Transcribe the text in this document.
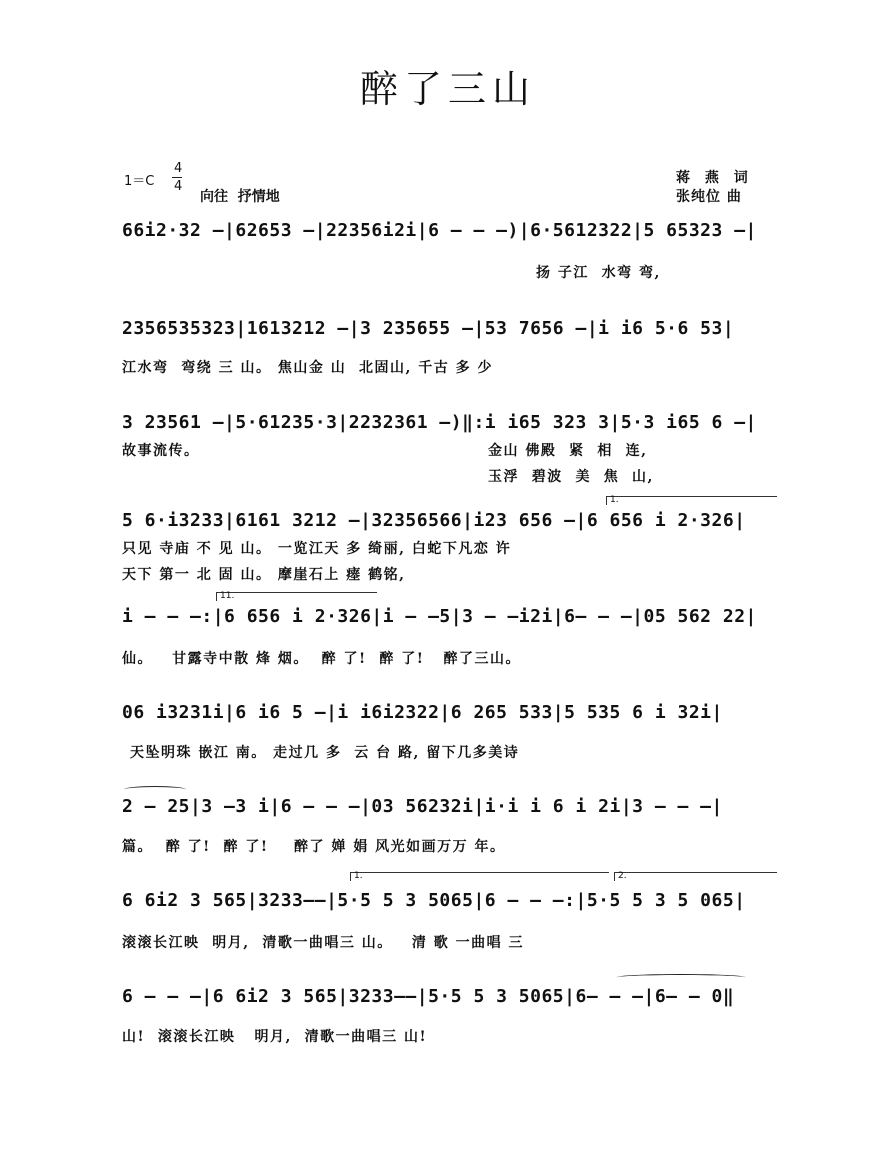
醉了三山
1＝C
4
4
向往  抒情地
蒋 燕 词
张纯位 曲
66i2·32 –|62653 –|22356i2i|6 – – –)|6·5612322|5 65323 –|
扬 子江  水弯 弯,
2356535323|1613212 –|3 235655 –|53 7656 –|i i6 5·6 53|
江水弯  弯绕 三 山。 焦山金 山  北固山, 千古 多 少
3 23561 –|5·61235·3|2232361 –)‖:i i65 323 3|5·3 i65 6 –|
故事流传。	金山 佛殿  紧  相  连,
玉浮  碧波  美  焦  山,
1.
5 6·i3233|6161 3212 –|32356566|i23 656 –|6 656 i 2·326|
只见 寺庙 不 见 山。 一览江天 多 绮丽, 白蛇下凡恋 许
天下 第一 北 固 山。 摩崖石上 瘗 鹤铭,
11.
i – – –:|6 656 i 2·326|i – –5|3 – –i2i|6– – –|05 562 22|
仙。   甘露寺中散 烽 烟。  醉 了!  醉 了!   醉了三山。
06 i3231i|6 i6 5 –|i i6i2322|6 265 533|5 535 6 i 32i|
天坠明珠 嵌江 南。 走过几 多  云 台 路, 留下几多美诗
2 – 25|3 –3 i|6 – – –|03 56232i|i·i i 6 i 2i|3 – – –|
篇。  醉 了!  醉 了!    醉了 婵 娟 风光如画万万 年。
1.	2.
6 6i2 3 565|3233––|5·5 5 3 5065|6 – – –:|5·5 5 3 5 065|
滚滚长江映  明月,  清歌一曲唱三 山。   清 歌 一曲唱 三
6 – – –|6 6i2 3 565|3233––|5·5 5 3 5065|6– – –|6– – 0‖
山!  滚滚长江映   明月,  清歌一曲唱三 山!
